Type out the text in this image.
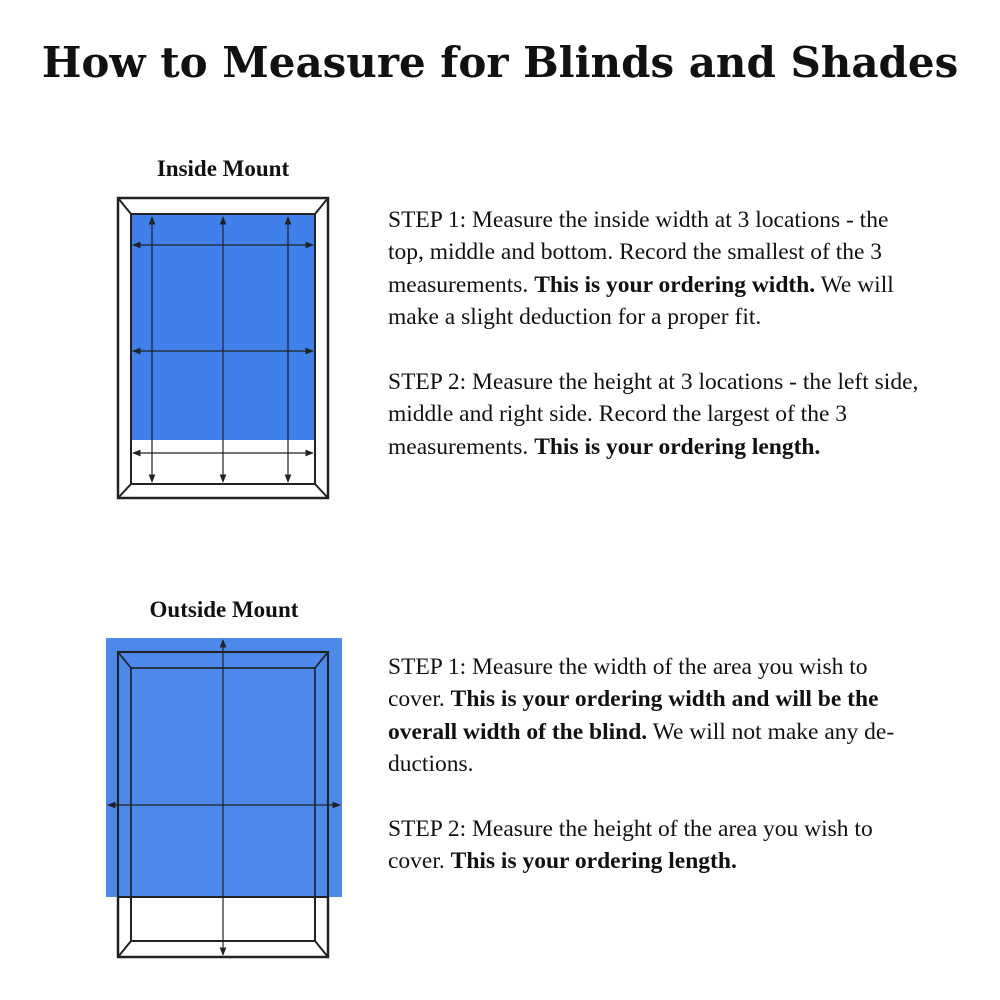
How to Measure for Blinds and Shades
Inside Mount

STEP 1: Measure the inside width at 3 locations - the top, middle and bottom. Record the smallest of the 3 measurements. This is your ordering width. We will make a slight deduction for a proper fit.

STEP 2: Measure the height at 3 locations - the left side, middle and right side. Record the largest of the 3 measurements. This is your ordering length.

Outside Mount

STEP 1: Measure the width of the area you wish to cover. This is your ordering width and will be the overall width of the blind. We will not make any de- ductions.

STEP 2: Measure the height of the area you wish to cover. This is your ordering length.
